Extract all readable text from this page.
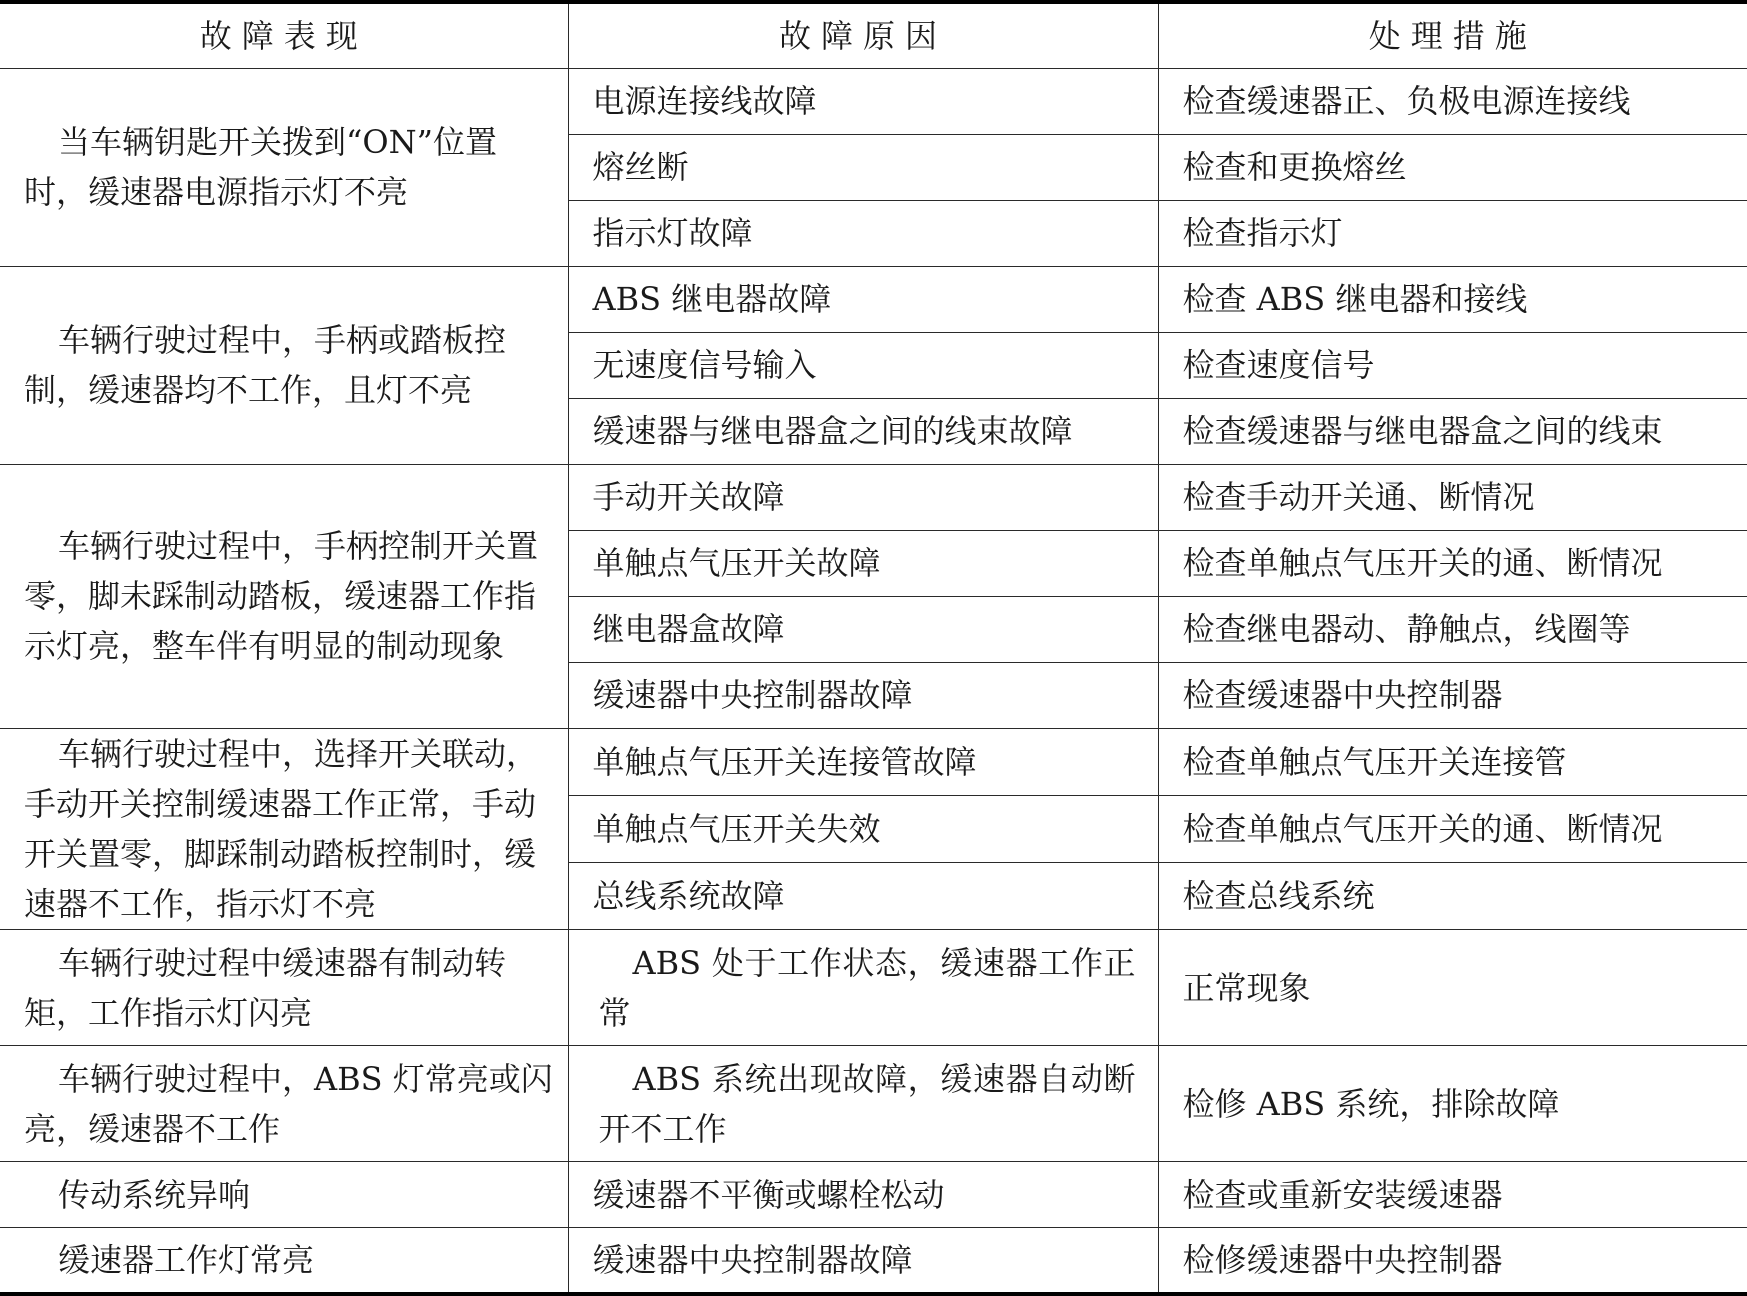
故障表现	故障原因	处理措施

当车辆钥匙开关拨到“ON”位置时，缓速器电源指示灯不亮	电源连接线故障	检查缓速器正、负极电源连接线
	熔丝断	检查和更换熔丝
	指示灯故障	检查指示灯

车辆行驶过程中，手柄或踏板控制，缓速器均不工作，且灯不亮	ABS 继电器故障	检查 ABS 继电器和接线
	无速度信号输入	检查速度信号
	缓速器与继电器盒之间的线束故障	检查缓速器与继电器盒之间的线束

车辆行驶过程中，手柄控制开关置零，脚未踩制动踏板，缓速器工作指示灯亮，整车伴有明显的制动现象	手动开关故障	检查手动开关通、断情况
	单触点气压开关故障	检查单触点气压开关的通、断情况
	继电器盒故障	检查继电器动、静触点，线圈等
	缓速器中央控制器故障	检查缓速器中央控制器

车辆行驶过程中，选择开关联动，手动开关控制缓速器工作正常，手动开关置零，脚踩制动踏板控制时，缓速器不工作，指示灯不亮	单触点气压开关连接管故障	检查单触点气压开关连接管
	单触点气压开关失效	检查单触点气压开关的通、断情况
	总线系统故障	检查总线系统

车辆行驶过程中缓速器有制动转矩，工作指示灯闪亮	ABS 处于工作状态，缓速器工作正常	正常现象

车辆行驶过程中，ABS 灯常亮或闪亮，缓速器不工作	ABS 系统出现故障，缓速器自动断开不工作	检修 ABS 系统，排除故障

传动系统异响	缓速器不平衡或螺栓松动	检查或重新安装缓速器

缓速器工作灯常亮	缓速器中央控制器故障	检修缓速器中央控制器
